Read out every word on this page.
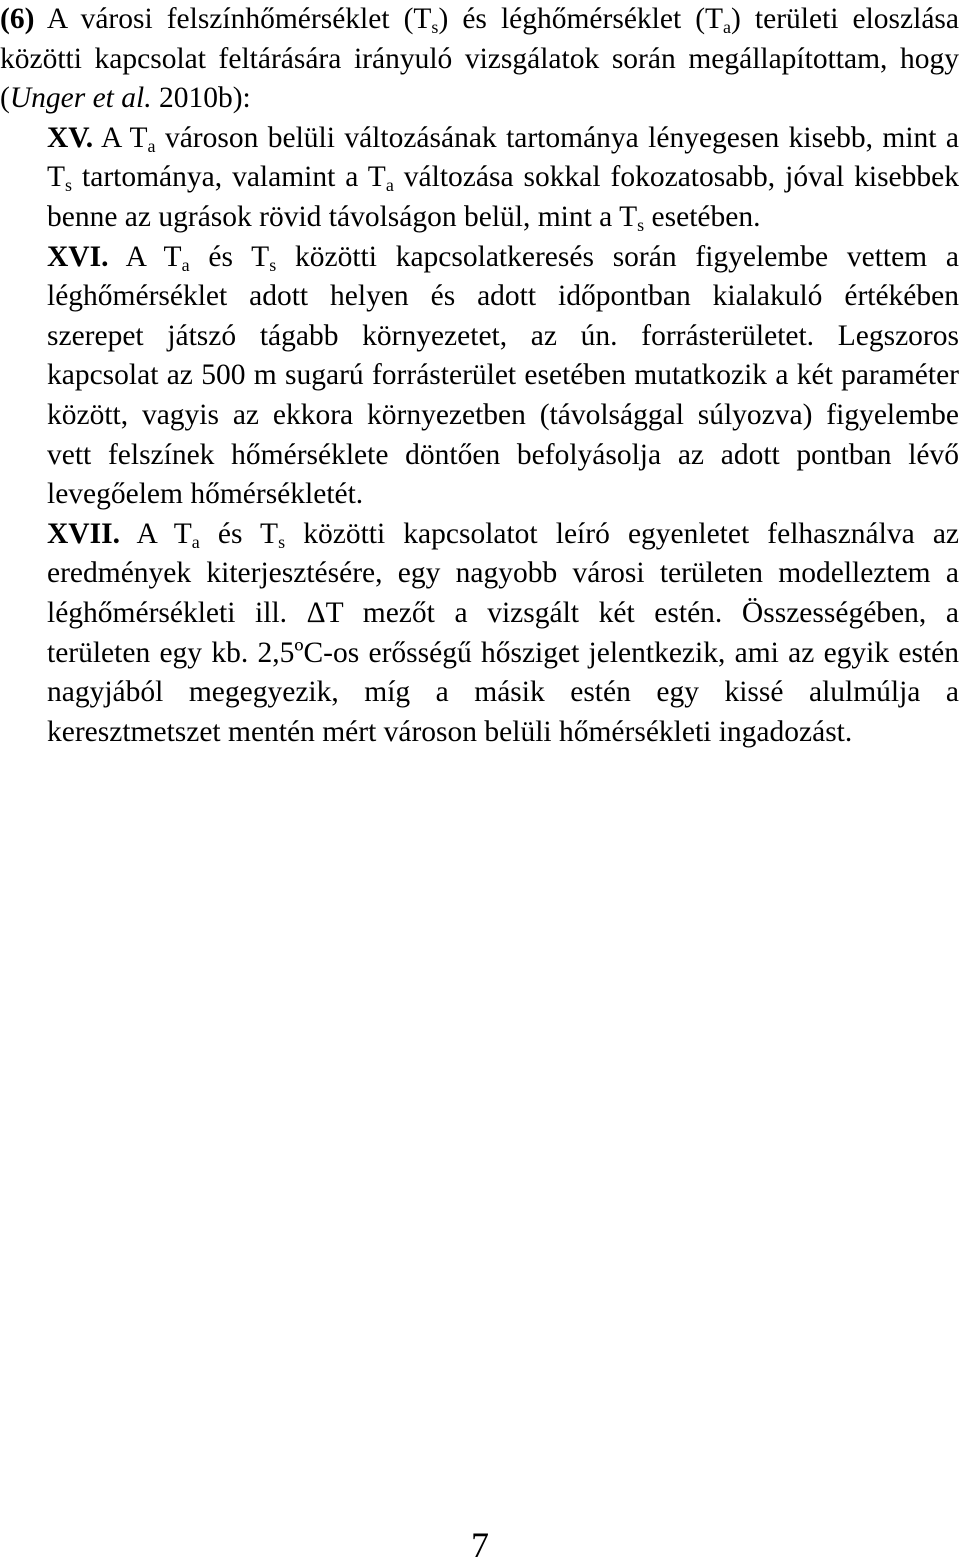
(6) A városi felszínhőmérséklet $(T_s)$ és léghőmérséklet $(T_a)$ területi eloszlása közötti kapcsolat feltárására irányuló vizsgálatok során megállapítottam, hogy (Unger et al. 2010b):

XV. A $T_a$ városon belüli változásának tartománya lényegesen kisebb, mint a $T_s$ tartománya, valamint a $T_a$ változása sokkal fokozatosabb, jóval kisebbek benne az ugrások rövid távolságon belül, mint a $T_s$ esetében.

XVI. A $T_a$ és $T_s$ közötti kapcsolatkeresés során figyelembe vettem a léghőmérséklet adott helyen és adott időpontban kialakuló értékében szerepet játszó tágabb környezetet, az ún. forrásterületet. Legszoros kapcsolat az 500 m sugarú forrásterület esetében mutatkozik a két paraméter között, vagyis az ekkora környezetben (távolsággal súlyozva) figyelembe vett felszínek hőmérséklete döntően befolyásolja az adott pontban lévő levegőelem hőmérsékletét.

XVII. A $T_a$ és $T_s$ közötti kapcsolatot leíró egyenletet felhasználva az eredmények kiterjesztésére, egy nagyobb városi területen modelleztem a léghőmérsékleti ill. ΔT mezőt a vizsgált két estén. Összességében, a területen egy kb. 2,5ºC-os erősségű hősziget jelentkezik, ami az egyik estén nagyjából megegyezik, míg a másik estén egy kissé alulmúlja a keresztmetszet mentén mért városon belüli hőmérsékleti ingadozást.

7
